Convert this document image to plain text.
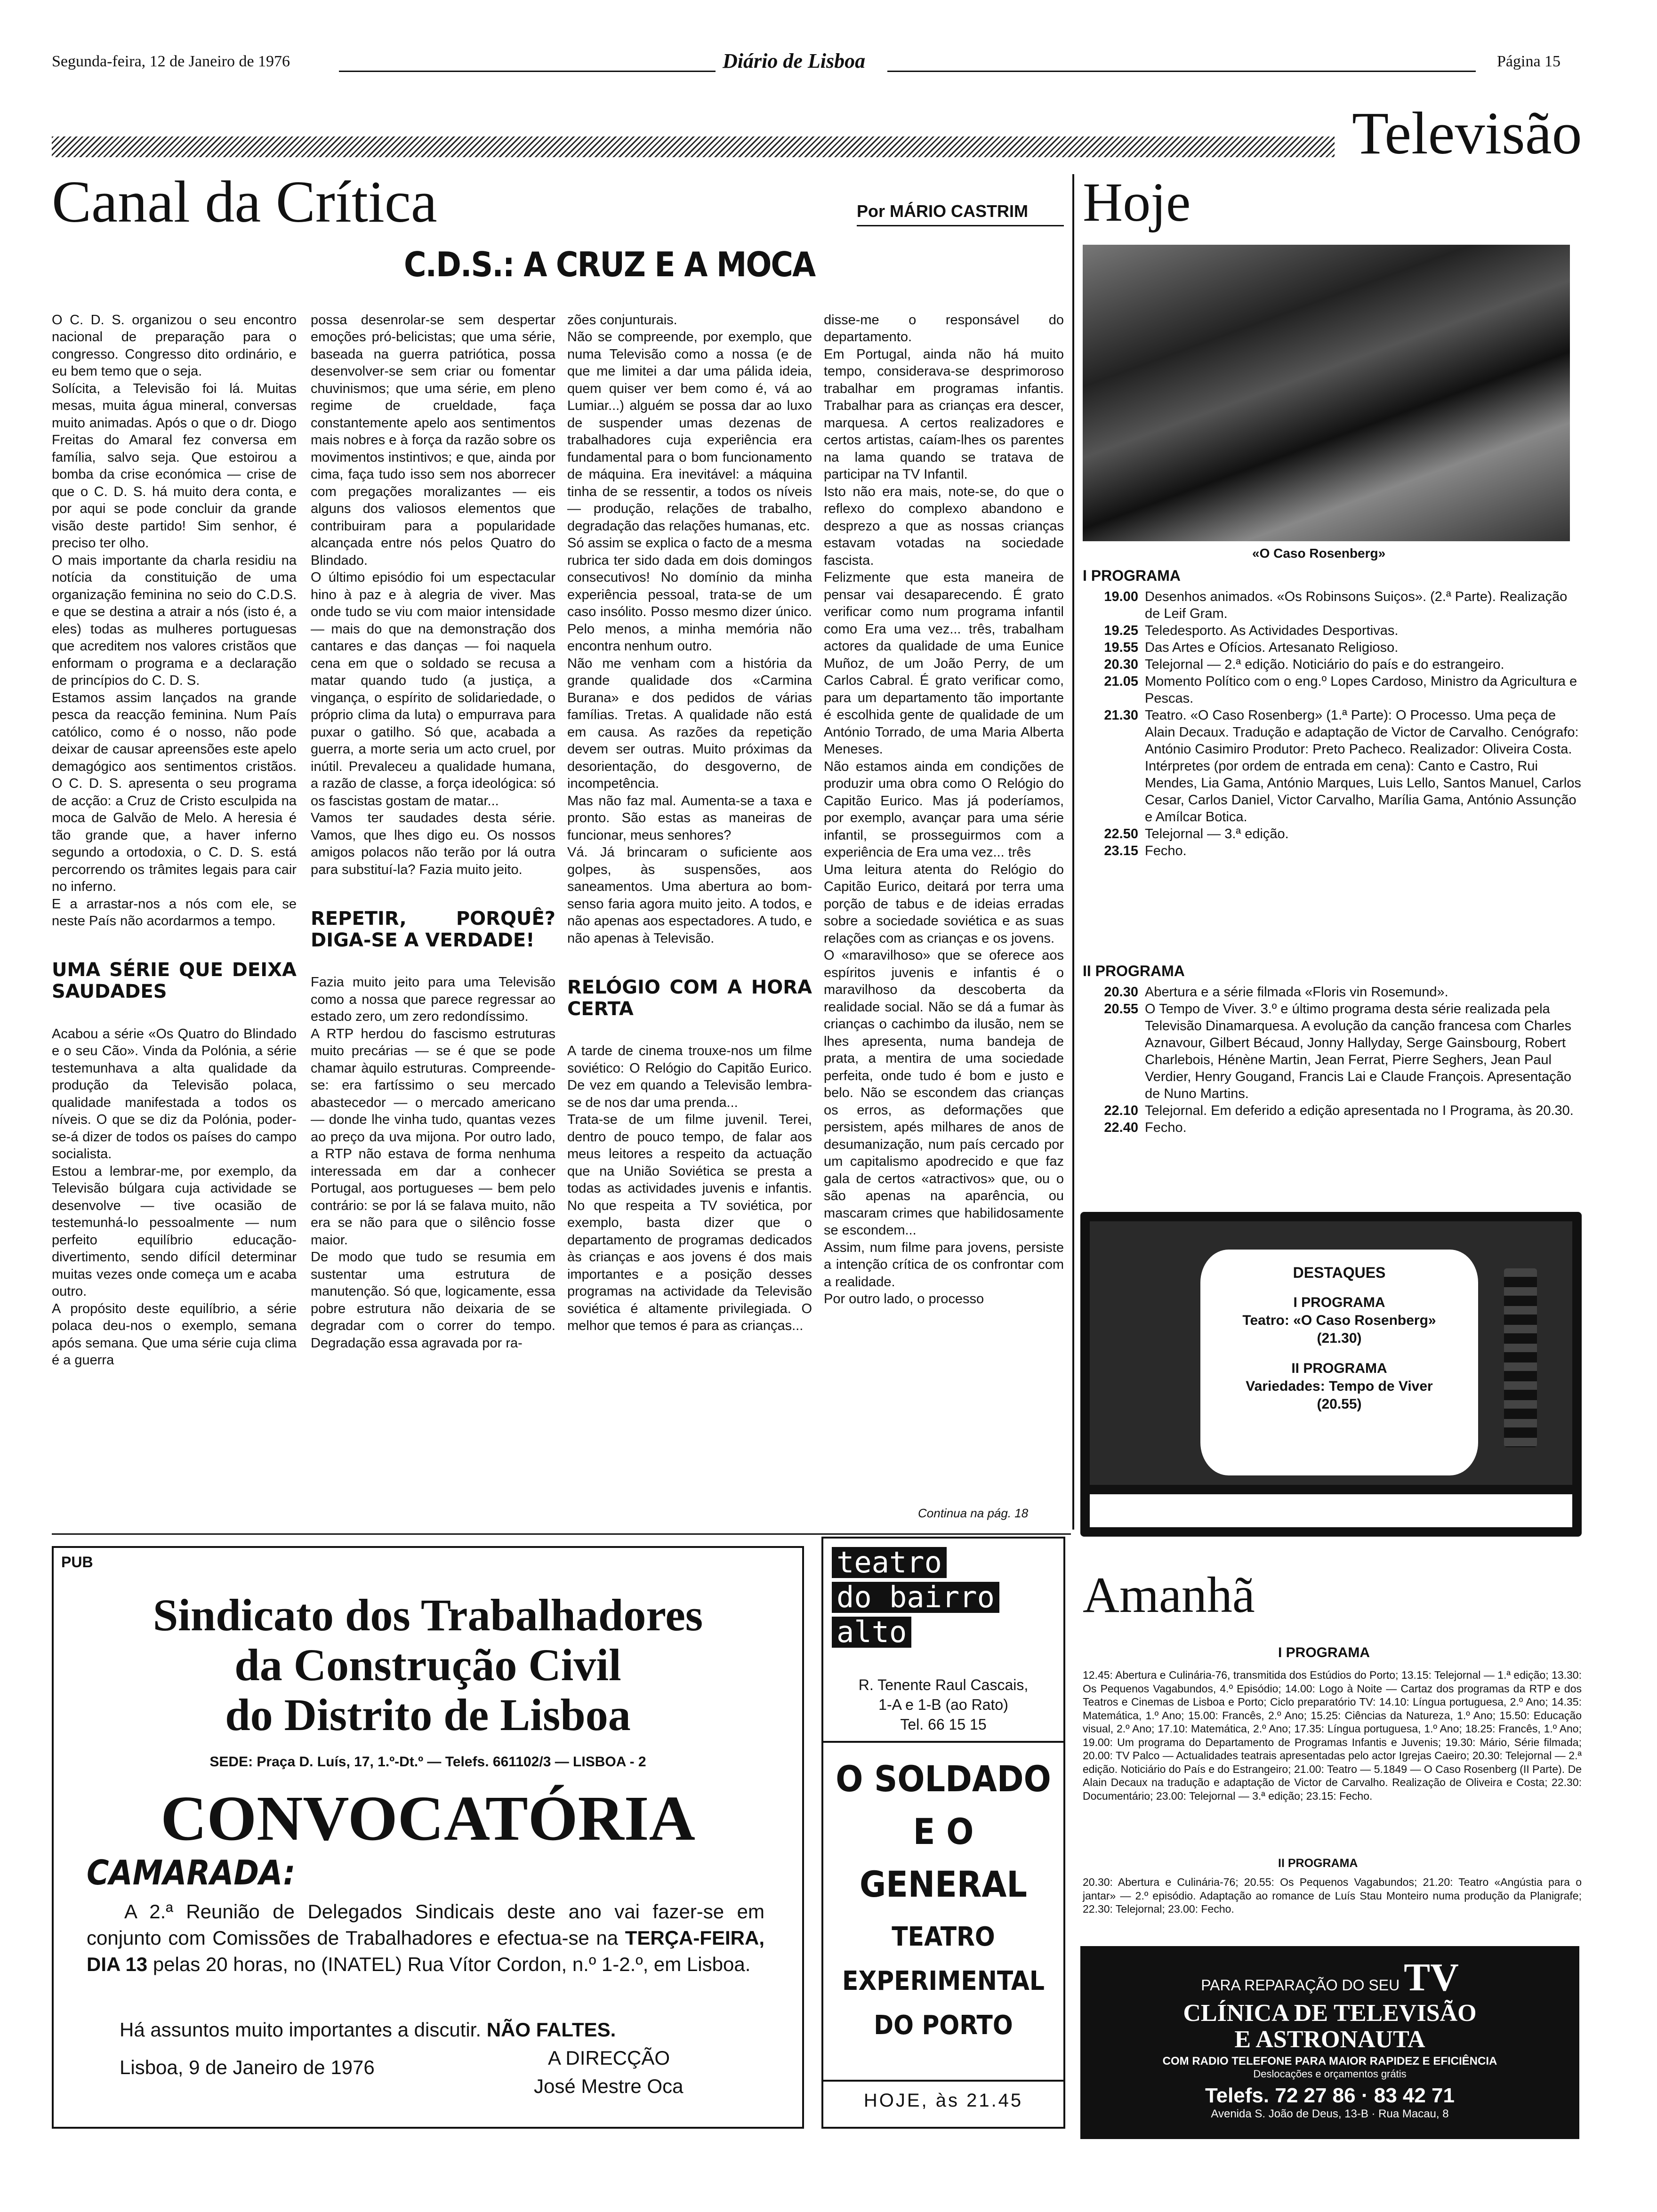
Segunda-feira, 12 de Janeiro de 1976	Diário de Lisboa	Página 15
Televisão
Canal da Crítica	Por MÁRIO CASTRIM
C.D.S.: A CRUZ E A MOCA

O C. D. S. organizou o seu encontro nacional de preparação para o congresso. Congresso dito ordinário, e eu bem temo que o seja.
Solícita, a Televisão foi lá. Muitas mesas, muita água mineral, conversas muito animadas. Após o que o dr. Diogo Freitas do Amaral fez conversa em família, salvo seja. Que estoirou a bomba da crise económica — crise de que o C. D. S. há muito dera conta, e por aqui se pode concluir da grande visão deste partido! Sim senhor, é preciso ter olho.
O mais importante da charla residiu na notícia da constituição de uma organização feminina no seio do C.D.S. e que se destina a atrair a nós (isto é, a eles) todas as mulheres portuguesas que acreditem nos valores cristãos que enformam o programa e a declaração de princípios do C. D. S.
Estamos assim lançados na grande pesca da reacção feminina. Num País católico, como é o nosso, não pode deixar de causar apreensões este apelo demagógico aos sentimentos cristãos. O C. D. S. apresenta o seu programa de acção: a Cruz de Cristo esculpida na moca de Galvão de Melo. A heresia é tão grande que, a haver inferno segundo a ortodoxia, o C. D. S. está percorrendo os trâmites legais para cair no inferno.
E a arrastar-nos a nós com ele, se neste País não acordarmos a tempo.

UMA SÉRIE QUE DEIXA SAUDADES

Acabou a série «Os Quatro do Blindado e o seu Cão». Vinda da Polónia, a série testemunhava a alta qualidade da produção da Televisão polaca, qualidade manifestada a todos os níveis. O que se diz da Polónia, poder-se-á dizer de todos os países do campo socialista.
Estou a lembrar-me, por exemplo, da Televisão búlgara cuja actividade se desenvolve — tive ocasião de testemunhá-lo pessoalmente — num perfeito equilíbrio educação-divertimento, sendo difícil determinar muitas vezes onde começa um e acaba outro.
A propósito deste equilíbrio, a série polaca deu-nos o exemplo, semana após semana. Que uma série cuja clima é a guerra

possa desenrolar-se sem despertar emoções pró-belicistas; que uma série, baseada na guerra patriótica, possa desenvolver-se sem criar ou fomentar chuvinismos; que uma série, em pleno regime de crueldade, faça constantemente apelo aos sentimentos mais nobres e à força da razão sobre os movimentos instintivos; e que, ainda por cima, faça tudo isso sem nos aborrecer com pregações moralizantes — eis alguns dos valiosos elementos que contribuiram para a popularidade alcançada entre nós pelos Quatro do Blindado.
O último episódio foi um espectacular hino à paz e à alegria de viver. Mas onde tudo se viu com maior intensidade — mais do que na demonstração dos cantares e das danças — foi naquela cena em que o soldado se recusa a matar quando tudo (a justiça, a vingança, o espírito de solidariedade, o próprio clima da luta) o empurrava para puxar o gatilho. Só que, acabada a guerra, a morte seria um acto cruel, por inútil. Prevaleceu a qualidade humana, a razão de classe, a força ideológica: só os fascistas gostam de matar...
Vamos ter saudades desta série. Vamos, que lhes digo eu. Os nossos amigos polacos não terão por lá outra para substituí-la? Fazia muito jeito.

REPETIR, PORQUÊ? DIGA-SE A VERDADE!

Fazia muito jeito para uma Televisão como a nossa que parece regressar ao estado zero, um zero redondíssimo.
A RTP herdou do fascismo estruturas muito precárias — se é que se pode chamar àquilo estruturas. Compreende-se: era fartíssimo o seu mercado abastecedor — o mercado americano — donde lhe vinha tudo, quantas vezes ao preço da uva mijona. Por outro lado, a RTP não estava de forma nenhuma interessada em dar a conhecer Portugal, aos portugueses — bem pelo contrário: se por lá se falava muito, não era se não para que o silêncio fosse maior.
De modo que tudo se resumia em sustentar uma estrutura de manutenção. Só que, logicamente, essa pobre estrutura não deixaria de se degradar com o correr do tempo. Degradação essa agravada por ra-

zões conjunturais.
Não se compreende, por exemplo, que numa Televisão como a nossa (e de que me limitei a dar uma pálida ideia, quem quiser ver bem como é, vá ao Lumiar...) alguém se possa dar ao luxo de suspender umas dezenas de trabalhadores cuja experiência era fundamental para o bom funcionamento de máquina. Era inevitável: a máquina tinha de se ressentir, a todos os níveis — produção, relações de trabalho, degradação das relações humanas, etc.
Só assim se explica o facto de a mesma rubrica ter sido dada em dois domingos consecutivos! No domínio da minha experiência pessoal, trata-se de um caso insólito. Posso mesmo dizer único. Pelo menos, a minha memória não encontra nenhum outro.
Não me venham com a história da grande qualidade dos «Carmina Burana» e dos pedidos de várias famílias. Tretas. A qualidade não está em causa. As razões da repetição devem ser outras. Muito próximas da desorientação, do desgoverno, de incompetência.
Mas não faz mal. Aumenta-se a taxa e pronto. São estas as maneiras de funcionar, meus senhores?
Vá. Já brincaram o suficiente aos golpes, às suspensões, aos saneamentos. Uma abertura ao bom-senso faria agora muito jeito. A todos, e não apenas aos espectadores. A tudo, e não apenas à Televisão.

RELÓGIO COM A HORA CERTA

A tarde de cinema trouxe-nos um filme soviético: O Relógio do Capitão Eurico. De vez em quando a Televisão lembra-se de nos dar uma prenda...
Trata-se de um filme juvenil. Terei, dentro de pouco tempo, de falar aos meus leitores a respeito da actuação que na União Soviética se presta a todas as actividades juvenis e infantis. No que respeita a TV soviética, por exemplo, basta dizer que o departamento de programas dedicados às crianças e aos jovens é dos mais importantes e a posição desses programas na actividade da Televisão soviética é altamente privilegiada. O melhor que temos é para as crianças...

disse-me o responsável do departamento.
Em Portugal, ainda não há muito tempo, considerava-se desprimoroso trabalhar em programas infantis. Trabalhar para as crianças era descer, marquesa. A certos realizadores e certos artistas, caíam-lhes os parentes na lama quando se tratava de participar na TV Infantil.
Isto não era mais, note-se, do que o reflexo do complexo abandono e desprezo a que as nossas crianças estavam votadas na sociedade fascista.
Felizmente que esta maneira de pensar vai desaparecendo. É grato verificar como num programa infantil como Era uma vez... três, trabalham actores da qualidade de uma Eunice Muñoz, de um João Perry, de um Carlos Cabral. É grato verificar como, para um departamento tão importante é escolhida gente de qualidade de um António Torrado, de uma Maria Alberta Meneses.
Não estamos ainda em condições de produzir uma obra como O Relógio do Capitão Eurico. Mas já poderíamos, por exemplo, avançar para uma série infantil, se prosseguirmos com a experiência de Era uma vez... três
Uma leitura atenta do Relógio do Capitão Eurico, deitará por terra uma porção de tabus e de ideias erradas sobre a sociedade soviética e as suas relações com as crianças e os jovens.
O «maravilhoso» que se oferece aos espíritos juvenis e infantis é o maravilhoso da descoberta da realidade social. Não se dá a fumar às crianças o cachimbo da ilusão, nem se lhes apresenta, numa bandeja de prata, a mentira de uma sociedade perfeita, onde tudo é bom e justo e belo. Não se escondem das crianças os erros, as deformações que persistem, apés milhares de anos de desumanização, num país cercado por um capitalismo apodrecido e que faz gala de certos «atractivos» que, ou o são apenas na aparência, ou mascaram crimes que habilidosamente se escondem...
Assim, num filme para jovens, persiste a intenção crítica de os confrontar com a realidade.
Por outro lado, o processo

Continua na pág. 18
Hoje
«O Caso Rosenberg»
I PROGRAMA
19.00 Desenhos animados. «Os Robinsons Suiços». (2.ª Parte). Realização de Leif Gram.
19.25 Teledesporto. As Actividades Desportivas.
19.55 Das Artes e Ofícios. Artesanato Religioso.
20.30 Telejornal — 2.ª edição. Noticiário do país e do estrangeiro.
21.05 Momento Político com o eng.º Lopes Cardoso, Ministro da Agricultura e Pescas.
21.30 Teatro. «O Caso Rosenberg» (1.ª Parte): O Processo. Uma peça de Alain Decaux. Tradução e adaptação de Victor de Carvalho. Cenógrafo: António Casimiro Produtor: Preto Pacheco. Realizador: Oliveira Costa. Intérpretes (por ordem de entrada em cena): Canto e Castro, Rui Mendes, Lia Gama, António Marques, Luis Lello, Santos Manuel, Carlos Cesar, Carlos Daniel, Victor Carvalho, Marília Gama, António Assunção e Amílcar Botica.
22.50 Telejornal — 3.ª edição.
23.15 Fecho.
II PROGRAMA
20.30 Abertura e a série filmada «Floris vin Rosemund».
20.55 O Tempo de Viver. 3.º e último programa desta série realizada pela Televisão Dinamarquesa. A evolução da canção francesa com Charles Aznavour, Gilbert Bécaud, Jonny Hallyday, Serge Gainsbourg, Robert Charlebois, Hénène Martin, Jean Ferrat, Pierre Seghers, Jean Paul Verdier, Henry Gougand, Francis Lai e Claude François. Apresentação de Nuno Martins.
22.10 Telejornal. Em deferido a edição apresentada no I Programa, às 20.30.
22.40 Fecho.
DESTAQUES
I PROGRAMA
Teatro: «O Caso Rosenberg»
(21.30)
II PROGRAMA
Variedades: Tempo de Viver
(20.55)
Amanhã
I PROGRAMA
12.45: Abertura e Culinária-76, transmitida dos Estúdios do Porto; 13.15: Telejornal — 1.ª edição; 13.30: Os Pequenos Vagabundos, 4.º Episódio; 14.00: Logo à Noite — Cartaz dos programas da RTP e dos Teatros e Cinemas de Lisboa e Porto; Ciclo preparatório TV: 14.10: Língua portuguesa, 2.º Ano; 14.35: Matemática, 1.º Ano; 15.00: Francês, 2.º Ano; 15.25: Ciências da Natureza, 1.º Ano; 15.50: Educação visual, 2.º Ano; 17.10: Matemática, 2.º Ano; 17.35: Língua portuguesa, 1.º Ano; 18.25: Francês, 1.º Ano; 19.00: Um programa do Departamento de Programas Infantis e Juvenis; 19.30: Mário, Série filmada; 20.00: TV Palco — Actualidades teatrais apresentadas pelo actor Igrejas Caeiro; 20.30: Telejornal — 2.ª edição. Noticiário do País e do Estrangeiro; 21.00: Teatro — 5.1849 — O Caso Rosenberg (II Parte). De Alain Decaux na tradução e adaptação de Victor de Carvalho. Realização de Oliveira e Costa; 22.30: Documentário; 23.00: Telejornal — 3.ª edição; 23.15: Fecho.
II PROGRAMA
20.30: Abertura e Culinária-76; 20.55: Os Pequenos Vagabundos; 21.20: Teatro «Angústia para o jantar» — 2.º episódio. Adaptação ao romance de Luís Stau Monteiro numa produção da Planigrafe; 22.30: Telejornal; 23.00: Fecho.
PARA REPARAÇÃO DO SEU TV
CLÍNICA DE TELEVISÃO
E ASTRONAUTA
COM RADIO TELEFONE PARA MAIOR RAPIDEZ E EFICIÊNCIA
Deslocações e orçamentos grátis
Telefs. 72 27 86 · 83 42 71
Avenida S. João de Deus, 13-B · Rua Macau, 8
PUB
Sindicato dos Trabalhadores
da Construção Civil
do Distrito de Lisboa
SEDE: Praça D. Luís, 17, 1.º-Dt.º — Telefs. 661102/3 — LISBOA - 2
CONVOCATÓRIA
CAMARADA:
A 2.ª Reunião de Delegados Sindicais deste ano vai fazer-se em conjunto com Comissões de Trabalhadores e efectua-se na TERÇA-FEIRA, DIA 13 pelas 20 horas, no (INATEL) Rua Vítor Cordon, n.º 1-2.º, em Lisboa.
Há assuntos muito importantes a discutir. NÃO FALTES.
Lisboa, 9 de Janeiro de 1976	A DIRECÇÃO
José Mestre Oca
teatro
do bairro
alto
R. Tenente Raul Cascais,
1-A e 1-B (ao Rato)
Tel. 66 15 15
O SOLDADO
E O
GENERAL
TEATRO
EXPERIMENTAL
DO PORTO
HOJE, às 21.45
